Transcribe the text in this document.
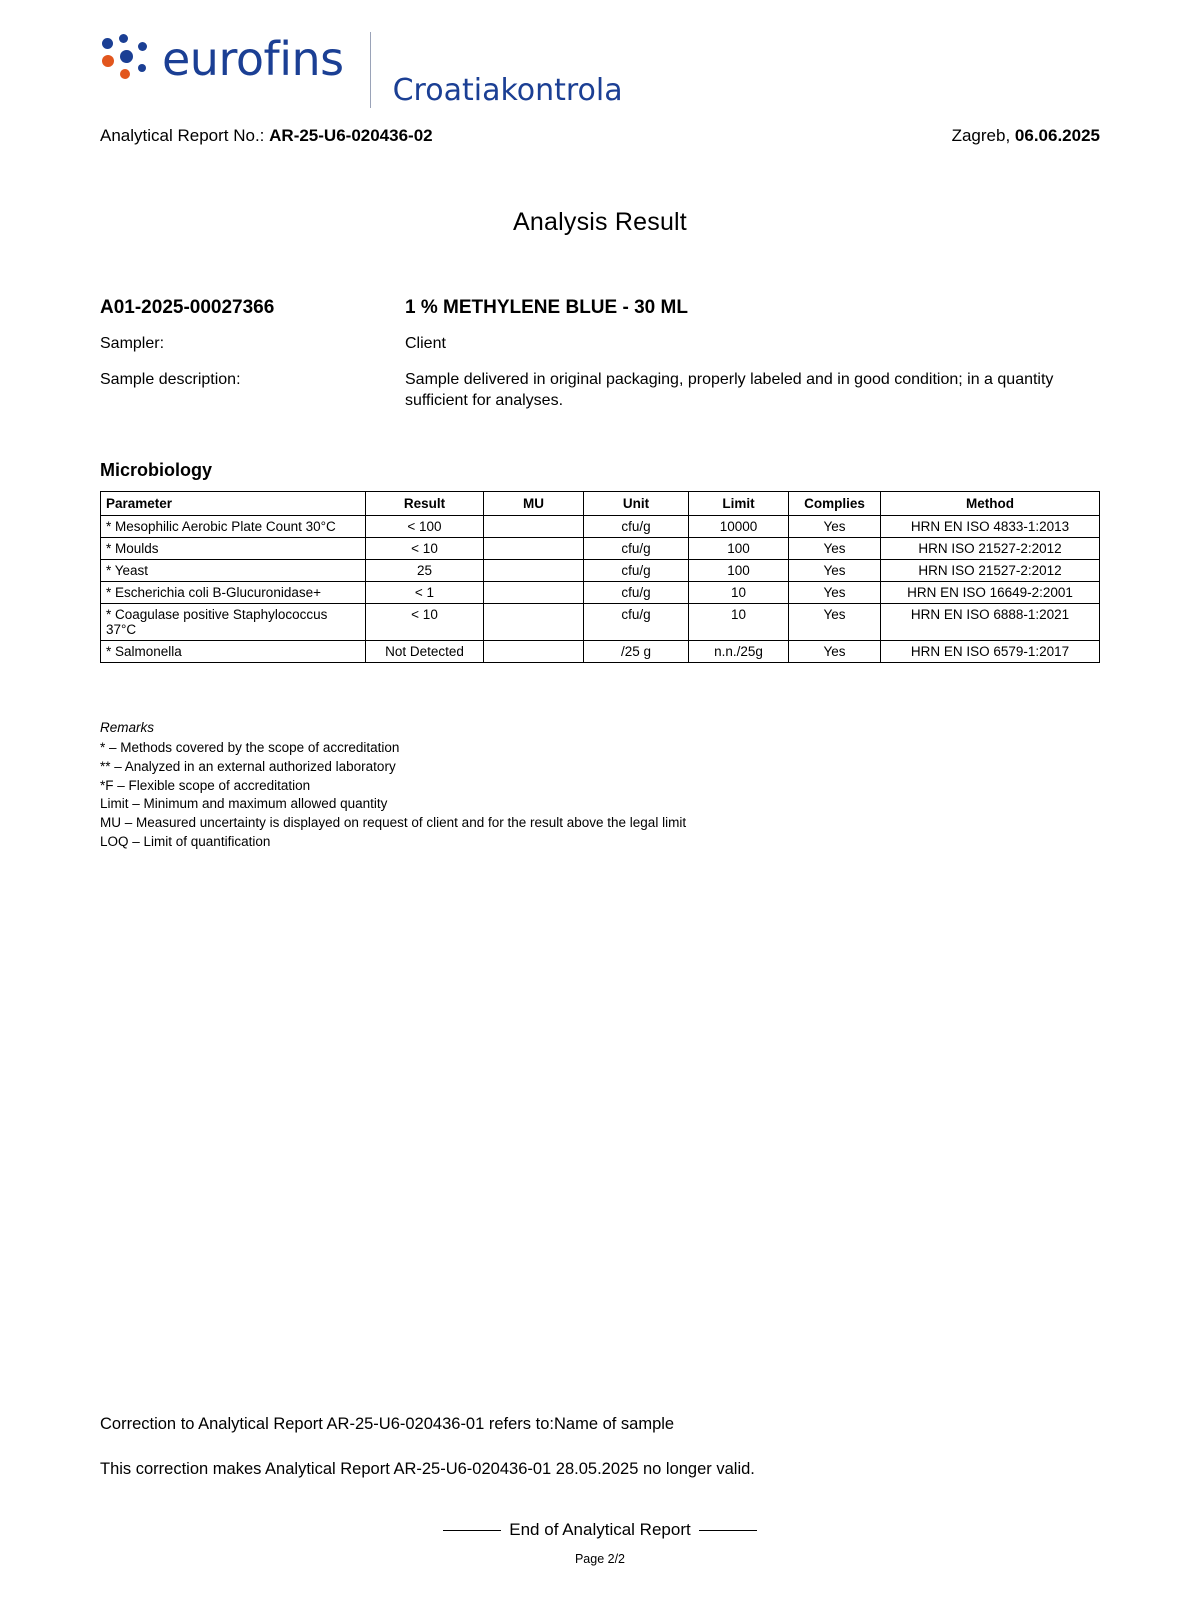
eurofins
Croatiakontrola
Analytical Report No.: AR-25-U6-020436-02	Zagreb, 06.06.2025
Analysis Result
A01-2025-00027366	1 % METHYLENE BLUE - 30 ML
Sampler:	Client
Sample description:	Sample delivered in original packaging, properly labeled and in good condition; in a quantity sufficient for analyses.
Microbiology
Parameter	Result	MU	Unit	Limit	Complies	Method
* Mesophilic Aerobic Plate Count 30°C	< 100		cfu/g	10000	Yes	HRN EN ISO 4833-1:2013
* Moulds	< 10		cfu/g	100	Yes	HRN ISO 21527-2:2012
* Yeast	25		cfu/g	100	Yes	HRN ISO 21527-2:2012
* Escherichia coli B-Glucuronidase+	< 1		cfu/g	10	Yes	HRN EN ISO 16649-2:2001
* Coagulase positive Staphylococcus 37°C	< 10		cfu/g	10	Yes	HRN EN ISO 6888-1:2021
* Salmonella	Not Detected		/25 g	n.n./25g	Yes	HRN EN ISO 6579-1:2017
Remarks
* – Methods covered by the scope of accreditation
** – Analyzed in an external authorized laboratory
*F – Flexible scope of accreditation
Limit – Minimum and maximum allowed quantity
MU – Measured uncertainty is displayed on request of client and for the result above the legal limit
LOQ – Limit of quantification

Correction to Analytical Report AR-25-U6-020436-01 refers to:Name of sample

This correction makes Analytical Report AR-25-U6-020436-01 28.05.2025 no longer valid.

End of Analytical Report
Page 2/2
